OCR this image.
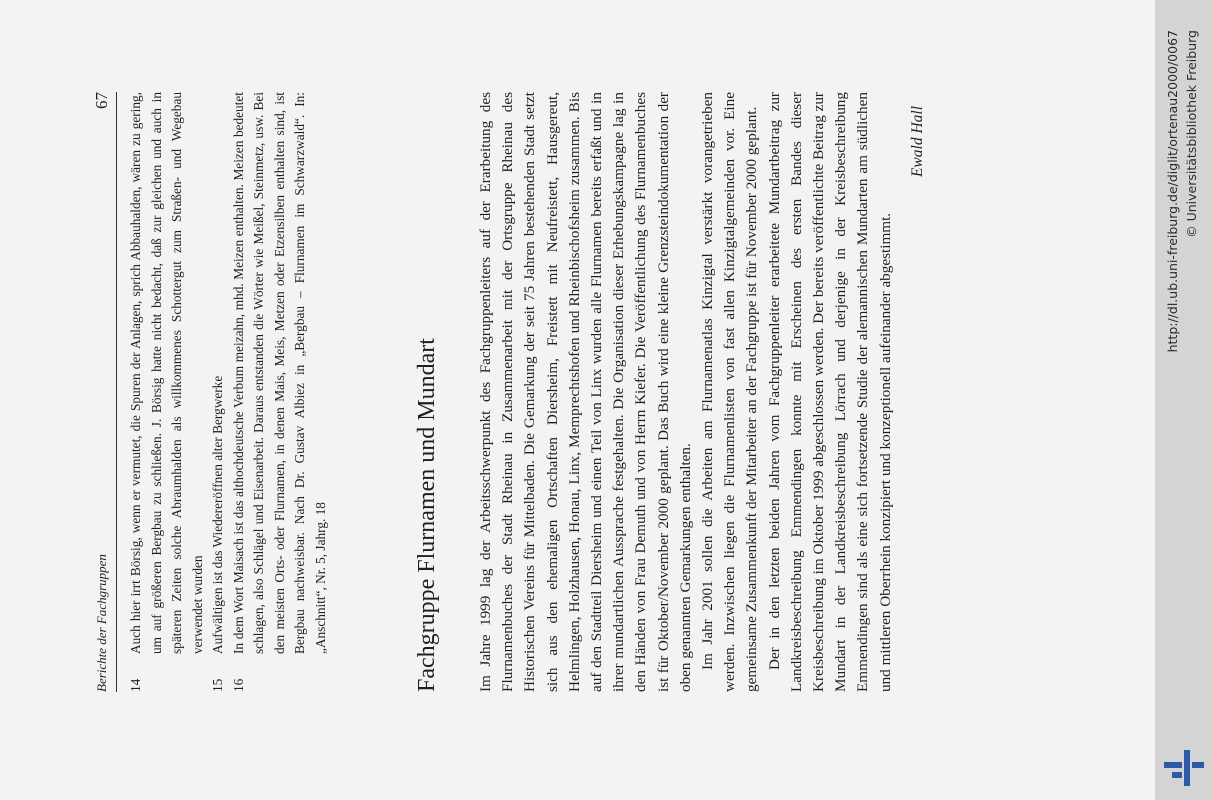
http://dl.ub.uni-freiburg.de/diglit/ortenau2000/0067 © Universitätsbibliothek Freiburg
Berichte der Fachgruppen
67
14
Auch hier irrt Börsig, wenn er vermutet, die Spuren der Anlagen, sprich Abbauhalden, wären zu gering, um auf größeren Bergbau zu schließen. J. Börsig hatte nicht bedacht, daß zur gleichen und auch in späteren Zeiten solche Abraumhalden als willkommenes Schottergut zum Straßen- und Wegebau verwendet wurden
15
Aufwältigen ist das Wiedereröffnen alter Bergwerke
16
In dem Wort Maisach ist das althochdeutsche Verbum meizahn, mhd. Meizen enthalten. Meizen bedeutet schlagen, also Schlägel und Eisenarbeit. Daraus entstanden die Wörter wie Meißel, Steinmetz, usw. Bei den meisten Orts- oder Flurnamen, in denen Mais, Meis, Metzen oder Etzensilben enthalten sind, ist Bergbau nachweisbar. Nach Dr. Gustav Albiez in „Bergbau – Flurnamen im Schwarzwald“. In: „Anschnitt“, Nr. 5, Jahrg. 18	Fachgruppe Flurnamen und Mundart Im Jahre 1999 lag der Arbeitsschwerpunkt des Fachgruppenleiters auf der Erarbeitung des Flurnamenbuches der Stadt Rheinau in Zusammenarbeit mit der Ortsgruppe Rheinau des Historischen Vereins für Mittelbaden. Die Gemarkung der seit 75 Jahren bestehenden Stadt setzt sich aus den ehemaligen Ortschaften Diersheim, Freistett mit Neufreistett, Hausgereut, Helmlingen, Holzhausen, Honau, Linx, Memprechtshofen und Rheinbischofsheim zusammen. Bis auf den Stadtteil Diersheim und einen Teil von Linx wurden alle Flurnamen bereits erfaßt und in ihrer mundartlichen Aussprache festgehalten. Die Organisation dieser Erhebungskampagne lag in den Händen von Frau Demuth und von Herrn Kiefer. Die Veröffentlichung des Flurnamenbuches ist für Oktober/November 2000 geplant. Das Buch wird eine kleine Grenzsteindokumentation der oben genannten Gemarkungen enthalten. Im Jahr 2001 sollen die Arbeiten am Flurnamenatlas Kinzigtal verstärkt vorangetrieben werden. Inzwischen liegen die Flurnamenlisten von fast allen Kinzigtalgemeinden vor. Eine gemeinsame Zusammenkunft der Mitarbeiter an der Fachgruppe ist für November 2000 geplant. Der in den letzten beiden Jahren vom Fachgruppenleiter erarbeitete Mundartbeitrag zur Landkreisbeschreibung Emmendingen konnte mit Erscheinen des ersten Bandes dieser Kreisbeschreibung im Oktober 1999 abgeschlossen werden. Der bereits veröffentlichte Beitrag zur Mundart in der Landkreisbeschreibung Lörrach und derjenige in der Kreisbeschreibung Emmendingen sind als eine sich fortsetzende Studie der alemannischen Mundarten am südlichen und mittleren Oberrhein konzipiert und konzeptionell aufeinander abgestimmt.

Ewald Hall
